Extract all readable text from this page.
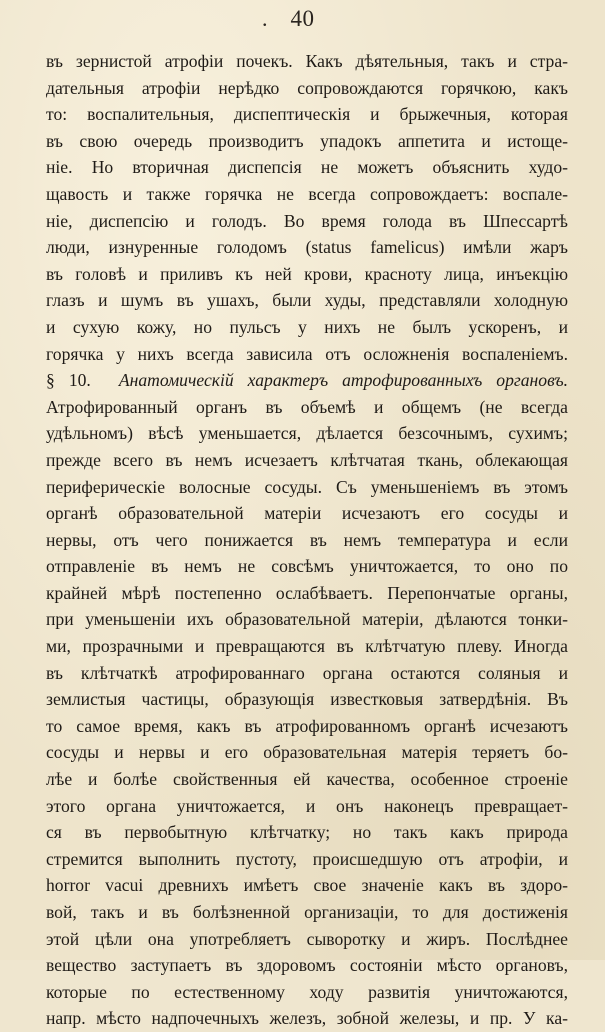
.	40
въ зернистой атрофіи почекъ. Какъ дѣятельныя, такъ и стра-
дательныя атрофіи нерѣдко сопровождаются горячкою, какъ
то: воспалительныя, диспептическія и брыжечныя, которая
въ свою очередь производитъ упадокъ аппетита и истоще-
ніе. Но вторичная диспепсія не можетъ объяснить худо-
щавость и также горячка не всегда сопровождаетъ: воспале-
ніе, диспепсію и голодъ. Во время голода въ Шпессартѣ
люди, изнуренные голодомъ (status famelicus) имѣли жаръ
въ головѣ и приливъ къ ней крови, красноту лица, инъекцію
глазъ и шумъ въ ушахъ, были худы, представляли холодную
и сухую кожу, но пульсъ у нихъ не былъ ускоренъ, и
горячка у нихъ всегда зависила отъ осложненія воспаленіемъ.
§ 10. Анатомическій характеръ атрофированныхъ органовъ.
Атрофированный органъ въ объемѣ и общемъ (не всегда
удѣльномъ) вѣсѣ уменьшается, дѣлается безсочнымъ, сухимъ;
прежде всего въ немъ исчезаетъ клѣтчатая ткань, облекающая
периферическіе волосные сосуды. Съ уменьшеніемъ въ этомъ
органѣ образовательной матеріи исчезаютъ его сосуды и
нервы, отъ чего понижается въ немъ температура и если
отправленіе въ немъ не совсѣмъ уничтожается, то оно по
крайней мѣрѣ постепенно ослабѣваетъ. Перепончатые органы,
при уменьшеніи ихъ образовательной матеріи, дѣлаются тонки-
ми, прозрачными и превращаются въ клѣтчатую плеву. Иногда
въ клѣтчаткѣ атрофированнаго органа остаются соляныя и
землистыя частицы, образующія известковыя затвердѣнія. Въ
то самое время, какъ въ атрофированномъ органѣ исчезаютъ
сосуды и нервы и его образовательная матерія теряетъ бо-
лѣе и болѣе свойственныя ей качества, особенное строеніе
этого органа уничтожается, и онъ наконецъ превращает-
ся въ первобытную клѣтчатку; но такъ какъ природа
стремится выполнить пустоту, происшедшую отъ атрофіи, и
horror vacui древнихъ имѣетъ свое значеніе какъ въ здоро-
вой, такъ и въ болѣзненной организаціи, то для достиженія
этой цѣли она употребляетъ сыворотку и жиръ. Послѣднее
вещество заступаетъ въ здоровомъ состояніи мѣсто органовъ,
которые по естественному ходу развитія уничтожаются,
напр. мѣсто надпочечныхъ железъ, зобной железы, и пр. У ка-
